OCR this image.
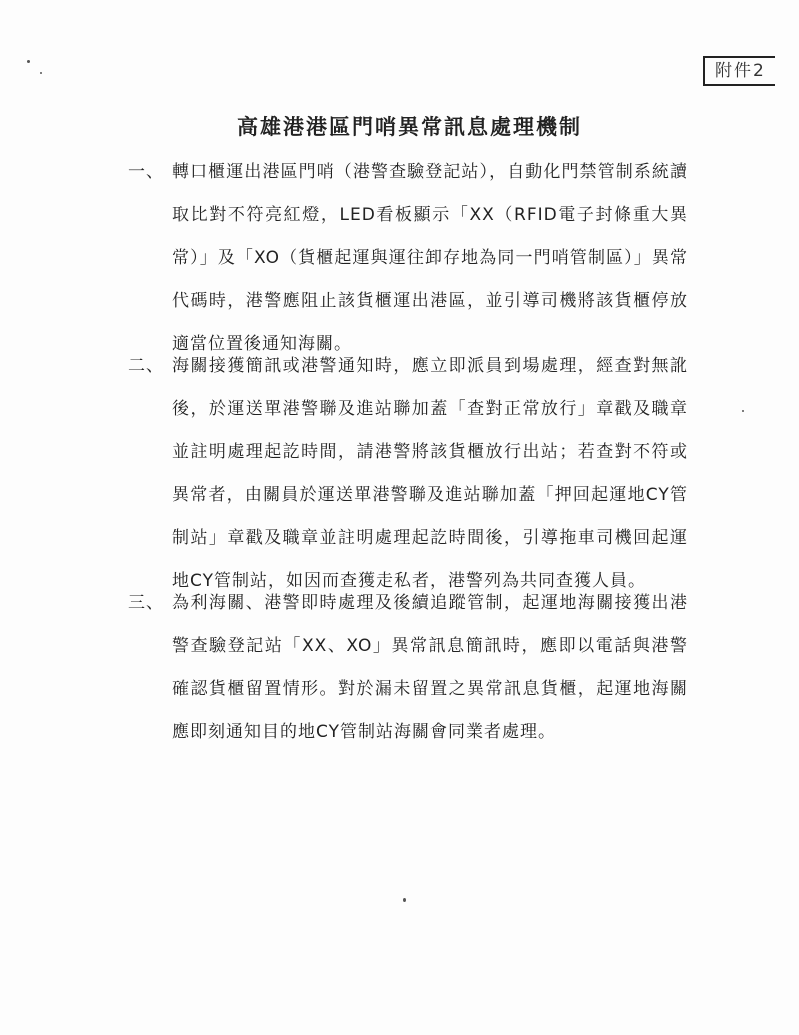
附件2
高雄港港區門哨異常訊息處理機制
一、 轉口櫃運出港區門哨（港警查驗登記站），自動化門禁管制系統讀取比對不符亮紅燈，LED看板顯示「XX（RFID電子封條重大異常）」及「XO（貨櫃起運與運往卸存地為同一門哨管制區）」異常代碼時，港警應阻止該貨櫃運出港區，並引導司機將該貨櫃停放適當位置後通知海關。
二、 海關接獲簡訊或港警通知時，應立即派員到場處理，經查對無訛後，於運送單港警聯及進站聯加蓋「查對正常放行」章戳及職章並註明處理起訖時間，請港警將該貨櫃放行出站；若查對不符或異常者，由關員於運送單港警聯及進站聯加蓋「押回起運地CY管制站」章戳及職章並註明處理起訖時間後，引導拖車司機回起運地CY管制站，如因而查獲走私者，港警列為共同查獲人員。
三、 為利海關、港警即時處理及後續追蹤管制，起運地海關接獲出港警查驗登記站「XX、XO」異常訊息簡訊時，應即以電話與港警確認貨櫃留置情形。對於漏未留置之異常訊息貨櫃，起運地海關應即刻通知目的地CY管制站海關會同業者處理。
